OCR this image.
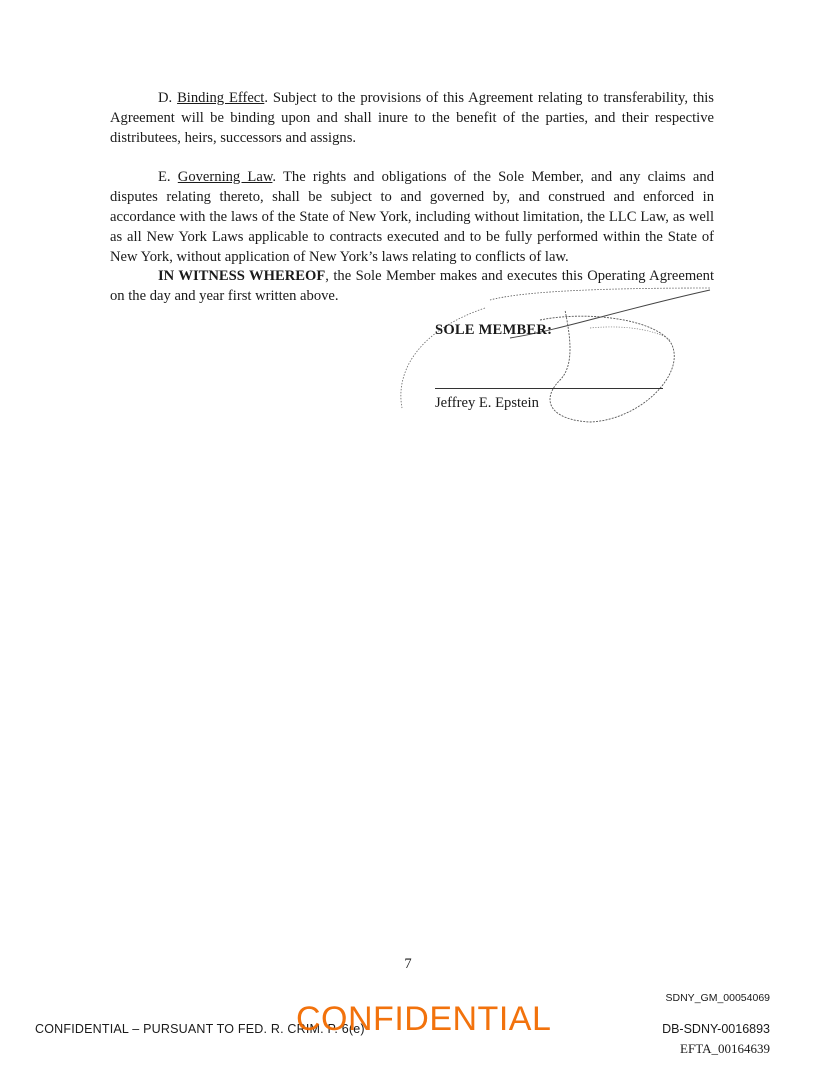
D. Binding Effect. Subject to the provisions of this Agreement relating to transferability, this Agreement will be binding upon and shall inure to the benefit of the parties, and their respective distributees, heirs, successors and assigns.

E. Governing Law. The rights and obligations of the Sole Member, and any claims and disputes relating thereto, shall be subject to and governed by, and construed and enforced in accordance with the laws of the State of New York, including without limitation, the LLC Law, as well as all New York Laws applicable to contracts executed and to be fully performed within the State of New York, without application of New York’s laws relating to conflicts of law.

IN WITNESS WHEREOF, the Sole Member makes and executes this Operating Agreement on the day and year first written above.

SOLE MEMBER:
Jeffrey E. Epstein
7
SDNY_GM_00054069
CONFIDENTIAL – PURSUANT TO FED. R. CRIM. P. 6(e)
CONFIDENTIAL	DB-SDNY-0016893
EFTA_00164639
